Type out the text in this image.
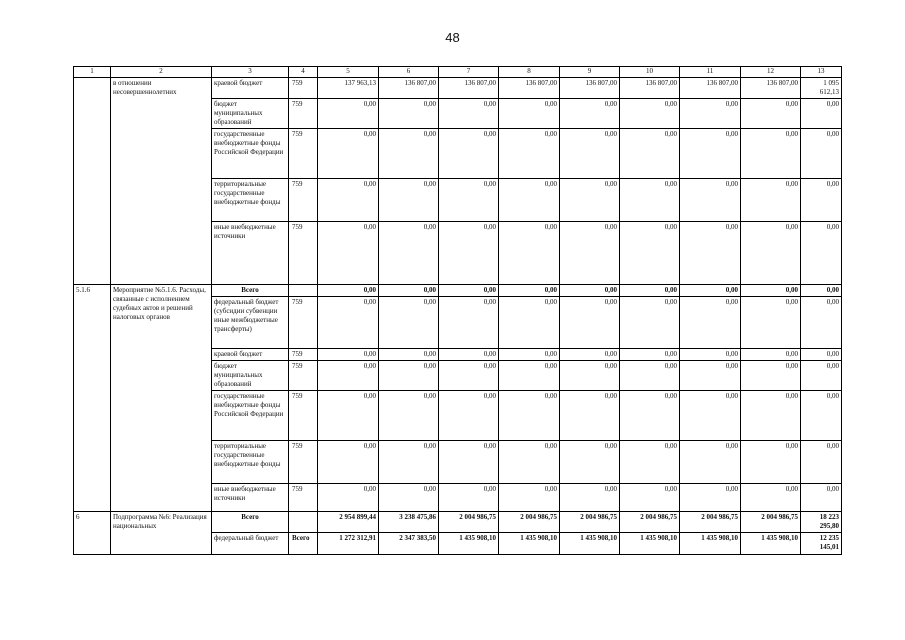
48
1	2	3	4	5	6	7	8	9	10	11	12	13
	в отношении несовершеннолетних	краевой бюджет	759	137 963,13	136 807,00	136 807,00	136 807,00	136 807,00	136 807,00	136 807,00	136 807,00	1 095 612,13
		бюджет муниципальных образований	759	0,00	0,00	0,00	0,00	0,00	0,00	0,00	0,00	0,00
		государственные внебюджетные фонды Российской Федерации	759	0,00	0,00	0,00	0,00	0,00	0,00	0,00	0,00	0,00
		территориальные государственные внебюджетные фонды	759	0,00	0,00	0,00	0,00	0,00	0,00	0,00	0,00	0,00
		иные внебюджетные источники	759	0,00	0,00	0,00	0,00	0,00	0,00	0,00	0,00	0,00
5.1.6	Мероприятие №5.1.6. Расходы, связанные с исполнением судебных актов и решений налоговых органов	Всего		0,00	0,00	0,00	0,00	0,00	0,00	0,00	0,00	0,00
		федеральный бюджет (субсидии субвенции иные межбюджетные трансферты)	759	0,00	0,00	0,00	0,00	0,00	0,00	0,00	0,00	0,00
		краевой бюджет	759	0,00	0,00	0,00	0,00	0,00	0,00	0,00	0,00	0,00
		бюджет муниципальных образований	759	0,00	0,00	0,00	0,00	0,00	0,00	0,00	0,00	0,00
		государственные внебюджетные фонды Российской Федерации	759	0,00	0,00	0,00	0,00	0,00	0,00	0,00	0,00	0,00
		территориальные государственные внебюджетные фонды	759	0,00	0,00	0,00	0,00	0,00	0,00	0,00	0,00	0,00
		иные внебюджетные источники	759	0,00	0,00	0,00	0,00	0,00	0,00	0,00	0,00	0,00
6	Подпрограмма №6: Реализация национальных	Всего		2 954 899,44	3 238 475,86	2 004 986,75	2 004 986,75	2 004 986,75	2 004 986,75	2 004 986,75	2 004 986,75	18 223 295,80
		федеральный бюджет	Всего	1 272 312,91	2 347 383,50	1 435 908,10	1 435 908,10	1 435 908,10	1 435 908,10	1 435 908,10	1 435 908,10	12 235 145,01
